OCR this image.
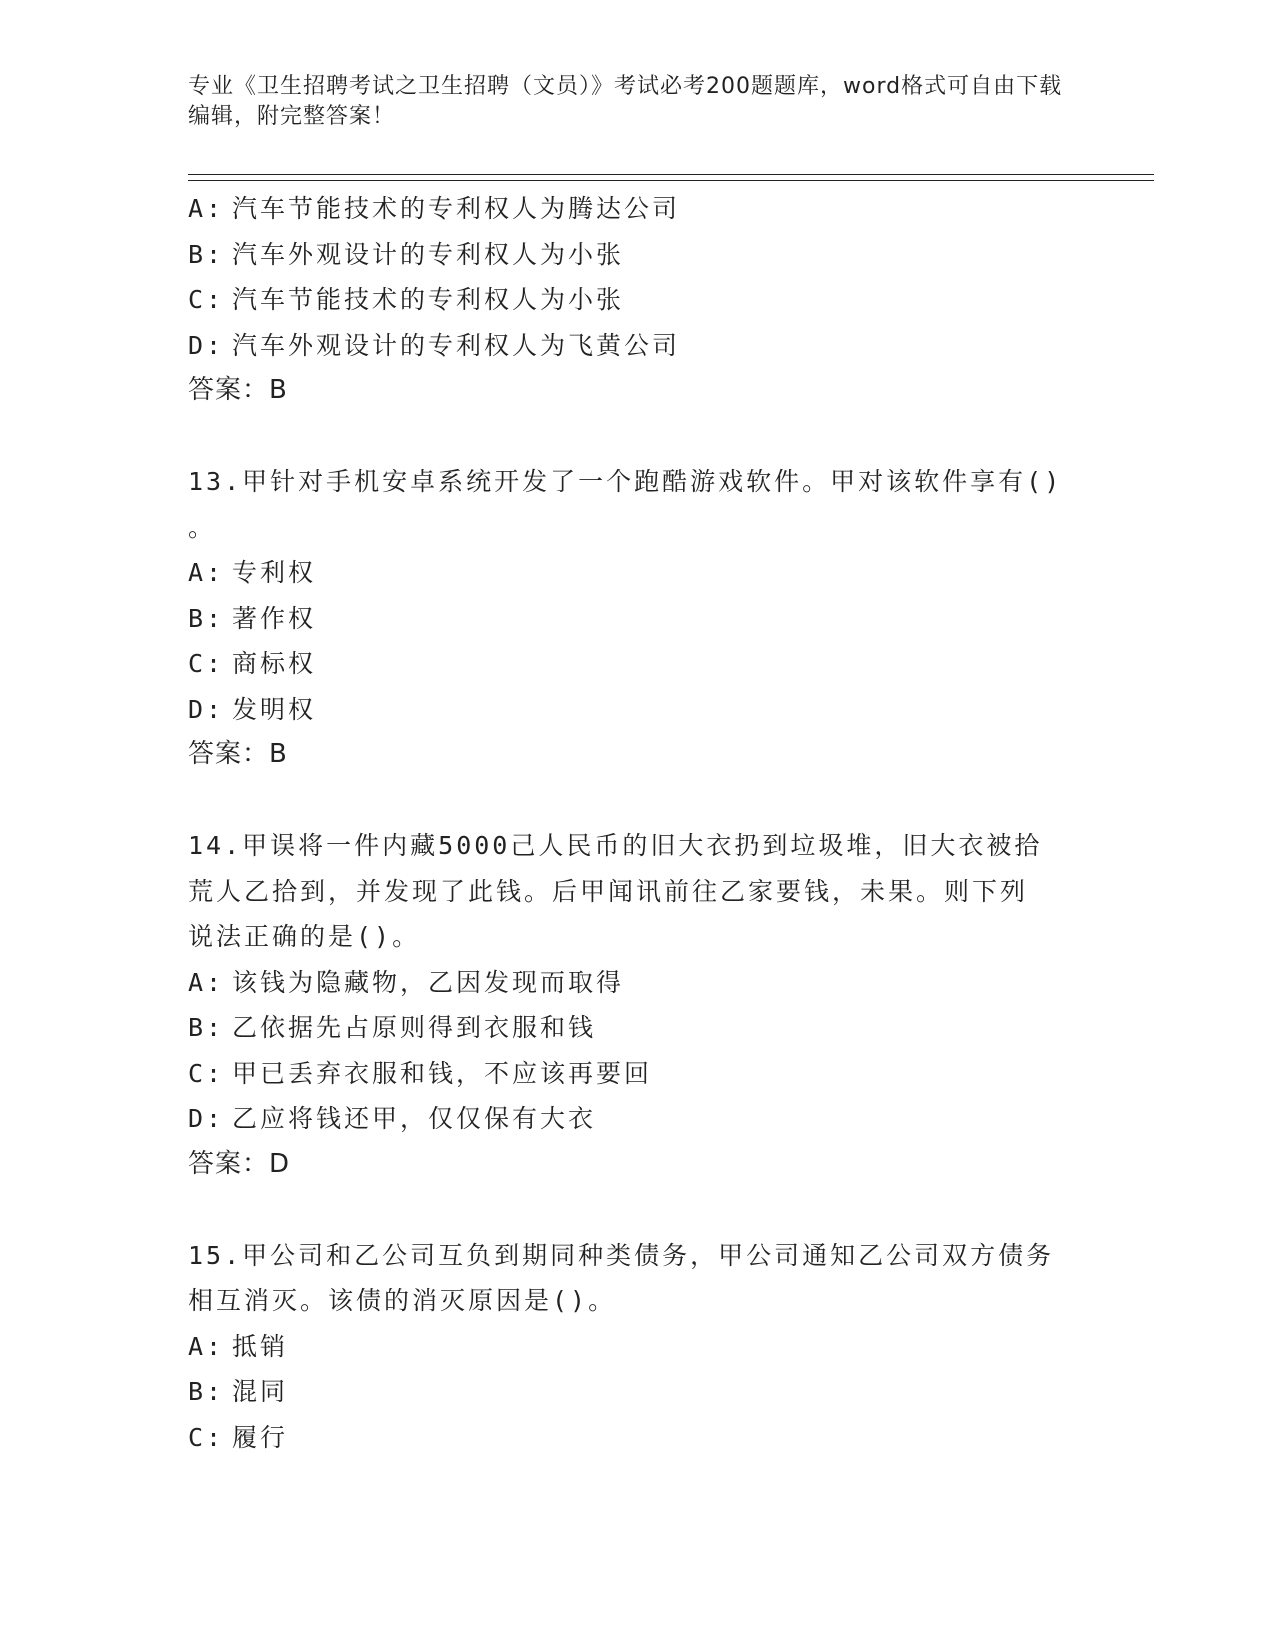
专业《卫生招聘考试之卫生招聘（文员）》考试必考200题题库，word格式可自由下载编辑，附完整答案！
A: 汽车节能技术的专利权人为腾达公司
B: 汽车外观设计的专利权人为小张
C: 汽车节能技术的专利权人为小张
D: 汽车外观设计的专利权人为飞黄公司
答案：B
13.甲针对手机安卓系统开发了一个跑酷游戏软件。甲对该软件享有()
。
A: 专利权
B: 著作权
C: 商标权
D: 发明权
答案：B
14.甲误将一件内藏5000己人民币的旧大衣扔到垃圾堆，旧大衣被拾
荒人乙拾到，并发现了此钱。后甲闻讯前往乙家要钱，未果。则下列
说法正确的是()。
A: 该钱为隐藏物，乙因发现而取得
B: 乙依据先占原则得到衣服和钱
C: 甲已丢弃衣服和钱，不应该再要回
D: 乙应将钱还甲，仅仅保有大衣
答案：D
15.甲公司和乙公司互负到期同种类债务，甲公司通知乙公司双方债务
相互消灭。该债的消灭原因是()。
A: 抵销
B: 混同
C: 履行
